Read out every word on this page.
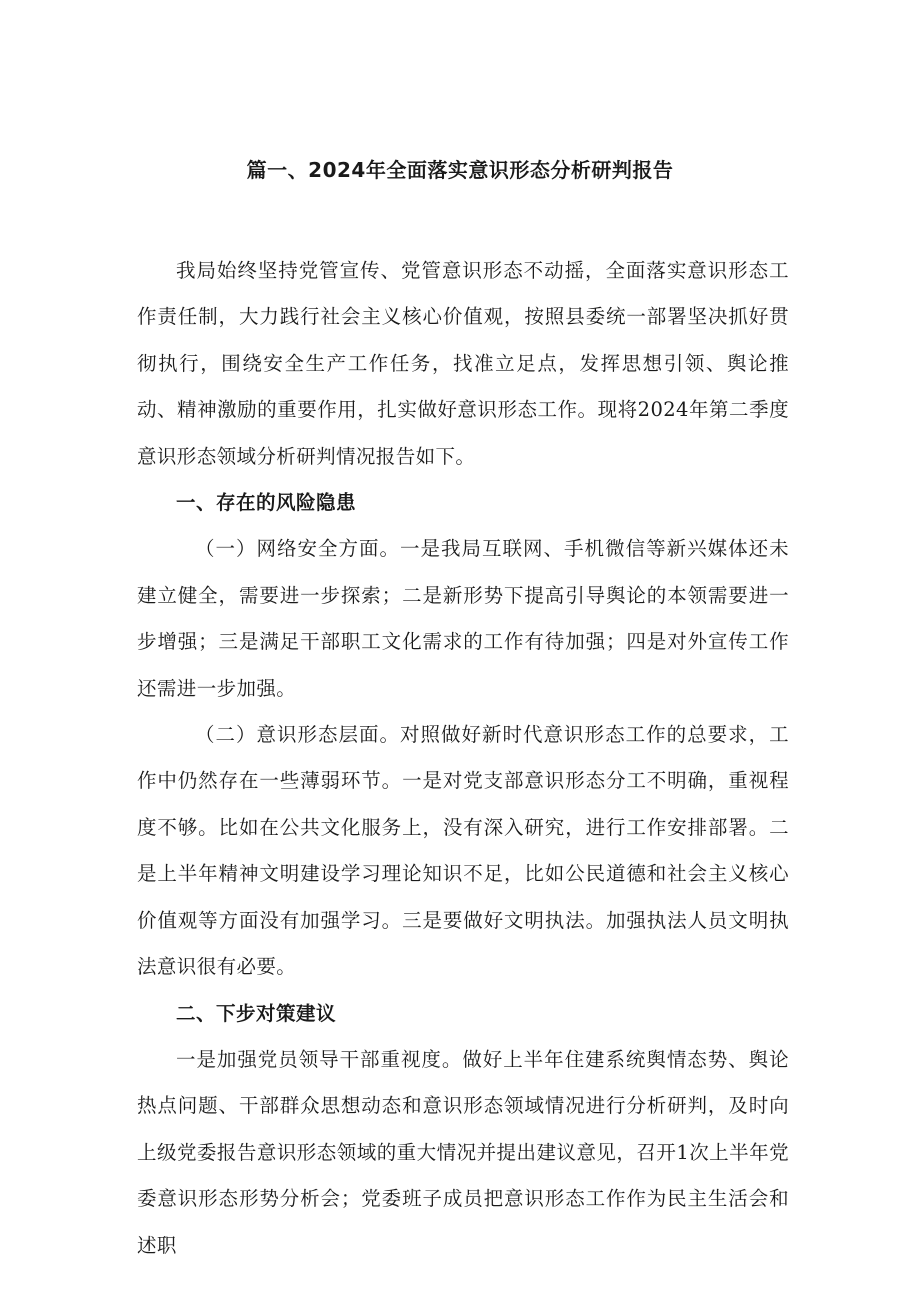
篇一、2024年全面落实意识形态分析研判报告

我局始终坚持党管宣传、党管意识形态不动摇，全面落实意识形态工作责任制，大力践行社会主义核心价值观，按照县委统一部署坚决抓好贯彻执行，围绕安全生产工作任务，找准立足点，发挥思想引领、舆论推动、精神激励的重要作用，扎实做好意识形态工作。现将2024年第二季度意识形态领域分析研判情况报告如下。

一、存在的风险隐患

（一）网络安全方面。一是我局互联网、手机微信等新兴媒体还未建立健全，需要进一步探索；二是新形势下提高引导舆论的本领需要进一步增强；三是满足干部职工文化需求的工作有待加强；四是对外宣传工作还需进一步加强。

（二）意识形态层面。对照做好新时代意识形态工作的总要求，工作中仍然存在一些薄弱环节。一是对党支部意识形态分工不明确，重视程度不够。比如在公共文化服务上，没有深入研究，进行工作安排部署。二是上半年精神文明建设学习理论知识不足，比如公民道德和社会主义核心价值观等方面没有加强学习。三是要做好文明执法。加强执法人员文明执法意识很有必要。

二、下步对策建议

一是加强党员领导干部重视度。做好上半年住建系统舆情态势、舆论热点问题、干部群众思想动态和意识形态领域情况进行分析研判，及时向上级党委报告意识形态领域的重大情况并提出建议意见，召开1次上半年党委意识形态形势分析会；党委班子成员把意识形态工作作为民主生活会和述职
